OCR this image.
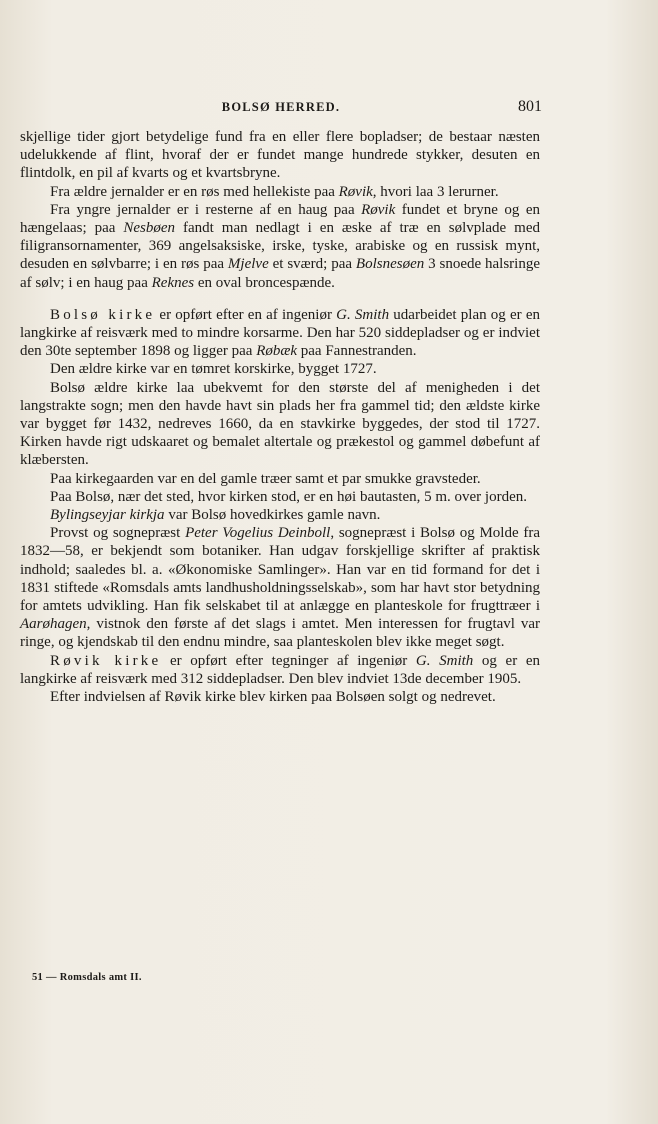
BOLSØ HERRED.	801

skjellige tider gjort betydelige fund fra en eller flere bopladser; de bestaar næsten udelukkende af flint, hvoraf der er fundet mange hundrede stykker, desuten en flintdolk, en pil af kvarts og et kvartsbryne.

Fra ældre jernalder er en røs med hellekiste paa Røvik, hvori laa 3 lerurner.

Fra yngre jernalder er i resterne af en haug paa Røvik fundet et bryne og en hængelaas; paa Nesbøen fandt man nedlagt i en æske af træ en sølvplade med filigransornamenter, 369 angelsaksiske, irske, tyske, arabiske og en russisk mynt, desuden en sølvbarre; i en røs paa Mjelve et sværd; paa Bolsnesøen 3 snoede halsringe af sølv; i en haug paa Reknes en oval broncespænde.

Bolsø kirke er opført efter en af ingeniør G. Smith udarbeidet plan og er en langkirke af reisværk med to mindre korsarme. Den har 520 siddepladser og er indviet den 30te september 1898 og ligger paa Røbæk paa Fannestranden.

Den ældre kirke var en tømret korskirke, bygget 1727.

Bolsø ældre kirke laa ubekvemt for den største del af menigheden i det langstrakte sogn; men den havde havt sin plads her fra gammel tid; den ældste kirke var bygget før 1432, nedreves 1660, da en stavkirke byggedes, der stod til 1727. Kirken havde rigt udskaaret og bemalet altertale og prækestol og gammel døbefunt af klæbersten.

Paa kirkegaarden var en del gamle træer samt et par smukke gravsteder.

Paa Bolsø, nær det sted, hvor kirken stod, er en høi bautasten, 5 m. over jorden.

Bylingseyjar kirkja var Bolsø hovedkirkes gamle navn.

Provst og sognepræst Peter Vogelius Deinboll, sognepræst i Bolsø og Molde fra 1832—58, er bekjendt som botaniker. Han udgav forskjellige skrifter af praktisk indhold; saaledes bl. a. «Økonomiske Samlinger». Han var en tid formand for det i 1831 stiftede «Romsdals amts landhusholdningsselskab», som har havt stor betydning for amtets udvikling. Han fik selskabet til at anlægge en planteskole for frugttræer i Aarøhagen, vistnok den første af det slags i amtet. Men interessen for frugtavl var ringe, og kjendskab til den endnu mindre, saa planteskolen blev ikke meget søgt.

Røvik kirke er opført efter tegninger af ingeniør G. Smith og er en langkirke af reisværk med 312 siddepladser. Den blev indviet 13de december 1905.

Efter indvielsen af Røvik kirke blev kirken paa Bolsøen solgt og nedrevet.

51 — Romsdals amt II.
